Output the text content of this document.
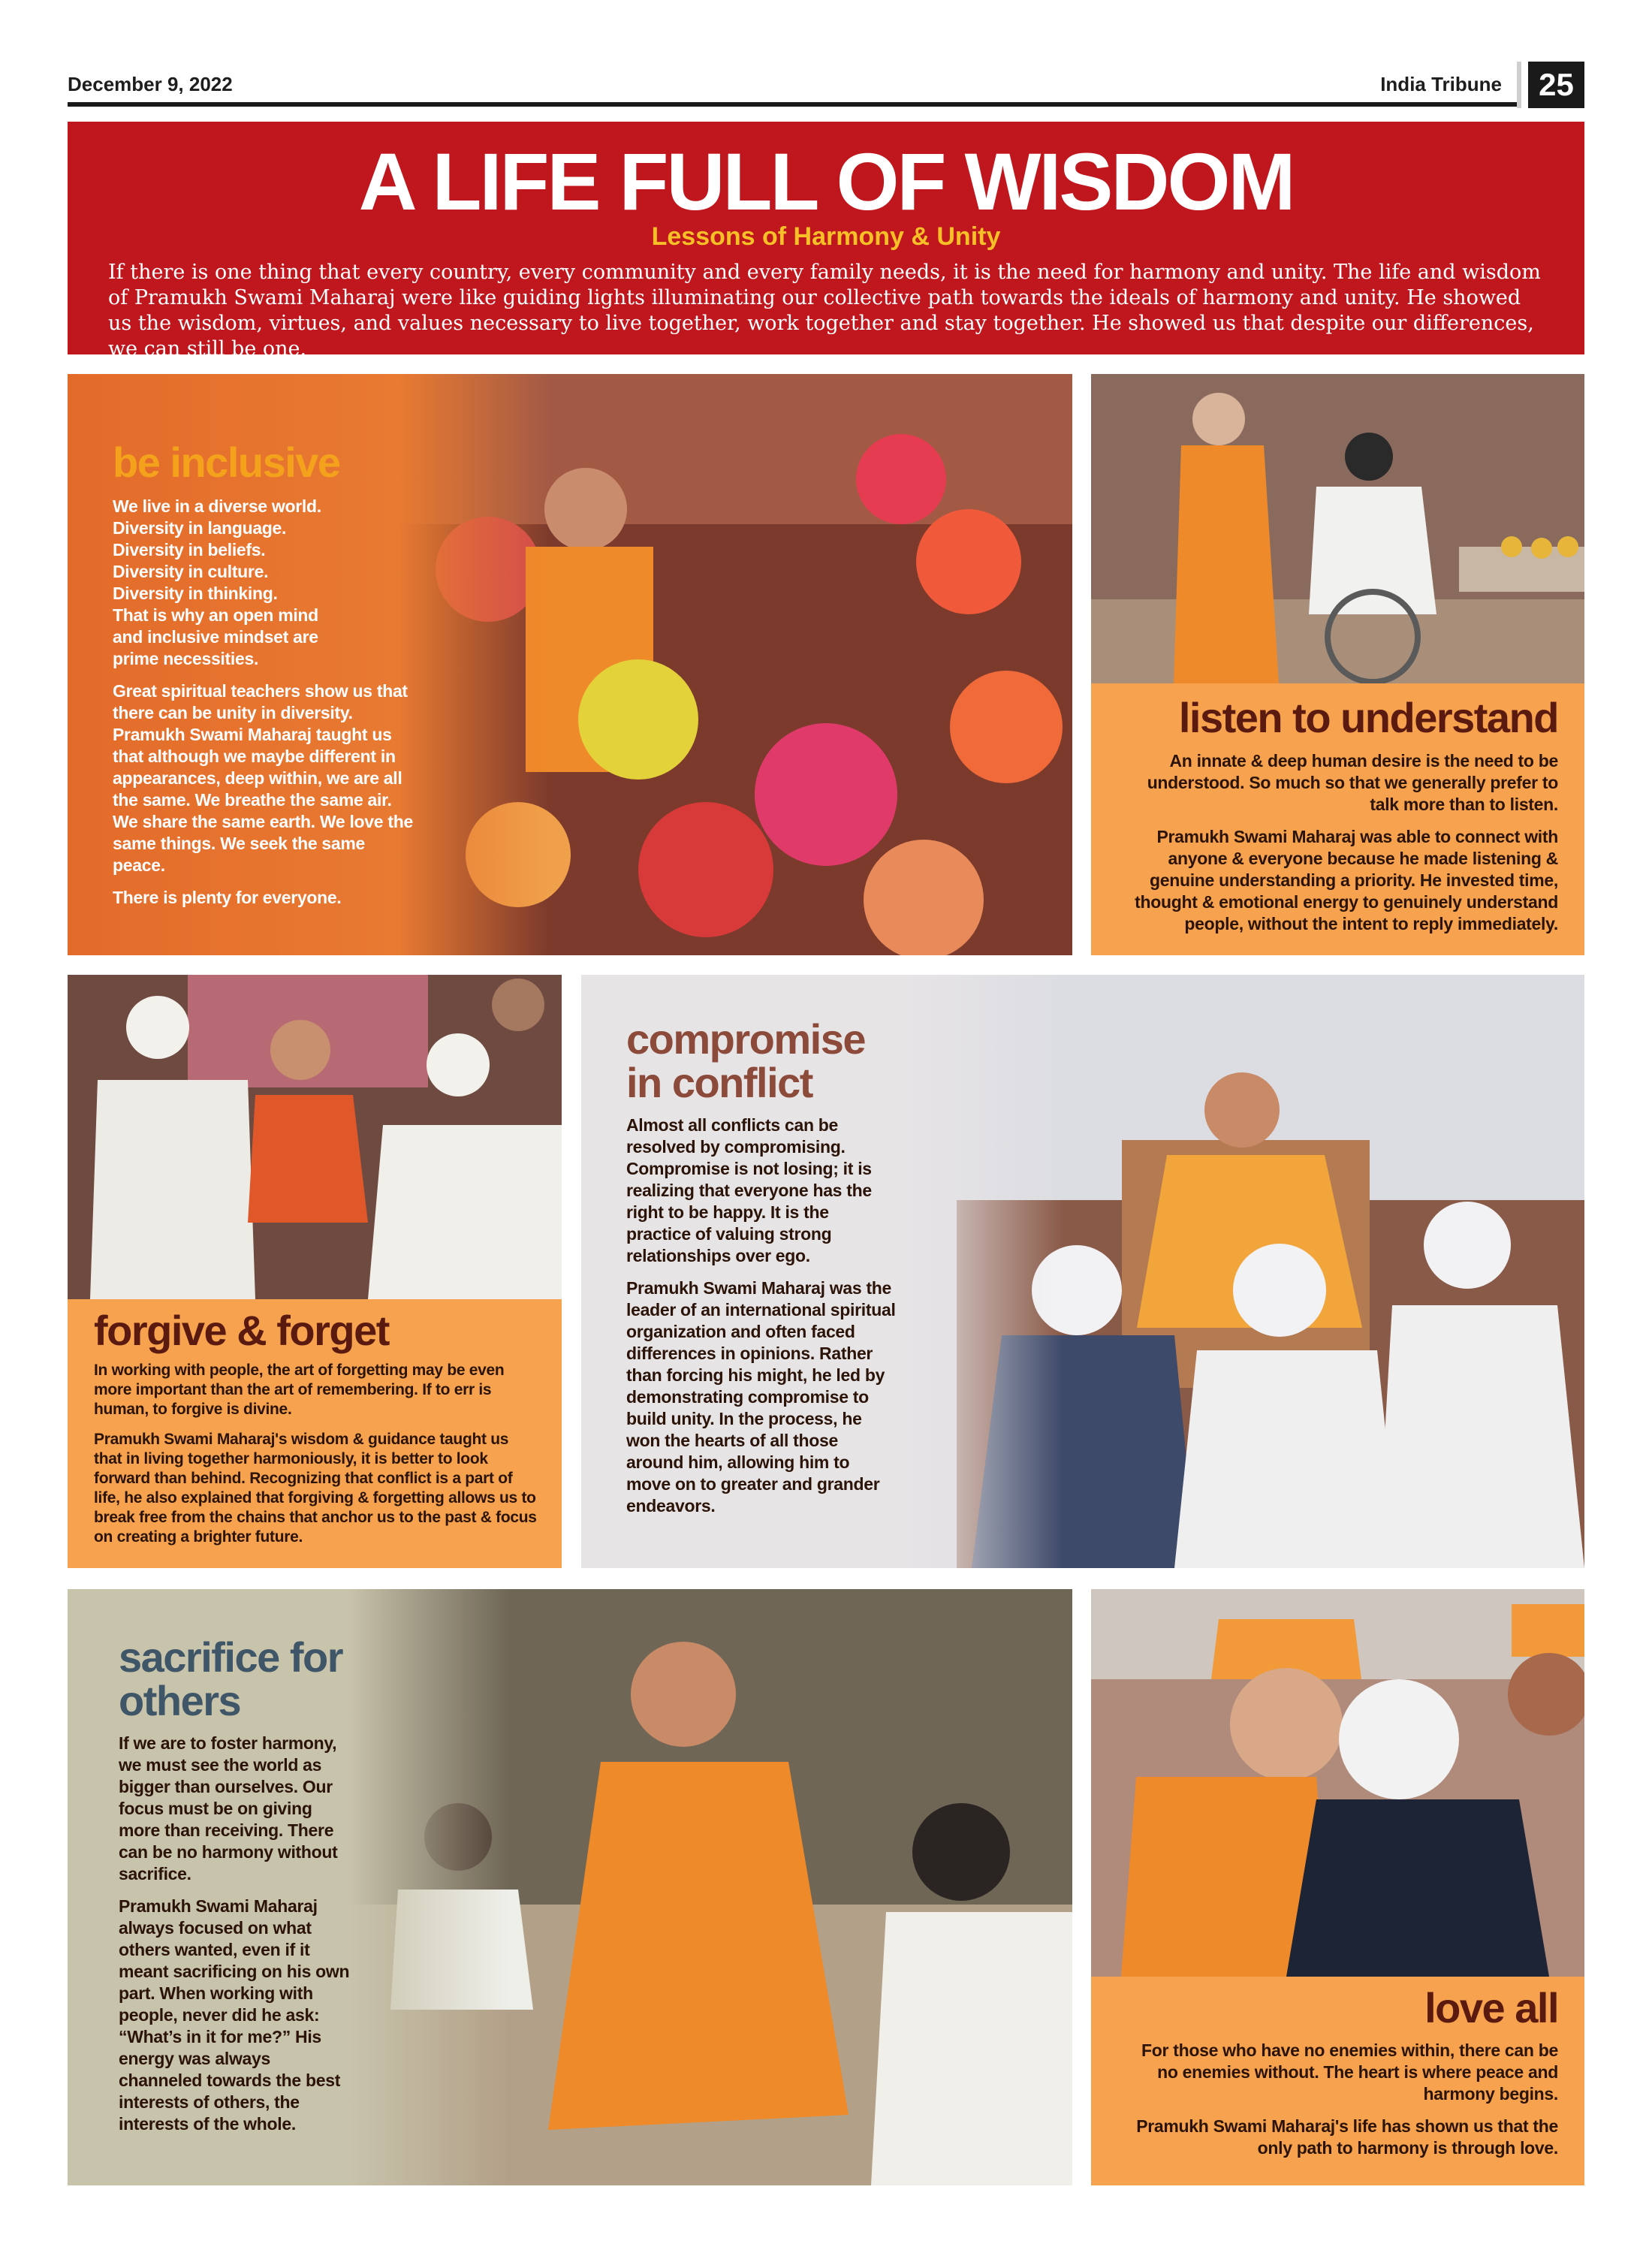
December 9, 2022	India Tribune	25
A LIFE FULL OF WISDOM
Lessons of Harmony & Unity
If there is one thing that every country, every community and every family needs, it is the need for harmony and unity. The life and wisdom of Pramukh Swami Maharaj were like guiding lights illuminating our collective path towards the ideals of harmony and unity. He showed us the wisdom, virtues, and values necessary to live together, work together and stay together. He showed us that despite our differences, we can still be one.
be inclusive

We live in a diverse world.
Diversity in language.
Diversity in beliefs.
Diversity in culture.
Diversity in thinking.
That is why an open mind
and inclusive mindset are
prime necessities.

Great spiritual teachers show us that there can be unity in diversity. Pramukh Swami Maharaj taught us that although we maybe different in appearances, deep within, we are all the same. We breathe the same air. We share the same earth. We love the same things. We seek the same peace.

There is plenty for everyone.

listen to understand

An innate & deep human desire is the need to be understood. So much so that we generally prefer to talk more than to listen.

Pramukh Swami Maharaj was able to connect with anyone & everyone because he made listening & genuine understanding a priority. He invested time, thought & emotional energy to genuinely understand people, without the intent to reply immediately.

forgive & forget

In working with people, the art of forgetting may be even more important than the art of remembering. If to err is human, to forgive is divine.

Pramukh Swami Maharaj's wisdom & guidance taught us that in living together harmoniously, it is better to look forward than behind. Recognizing that conflict is a part of life, he also explained that forgiving & forgetting allows us to break free from the chains that anchor us to the past & focus on creating a brighter future.

compromise
in conflict

Almost all conflicts can be resolved by compromising. Compromise is not losing; it is realizing that everyone has the right to be happy. It is the practice of valuing strong relationships over ego.

Pramukh Swami Maharaj was the leader of an international spiritual organization and often faced differences in opinions. Rather than forcing his might, he led by demonstrating compromise to build unity. In the process, he won the hearts of all those around him, allowing him to move on to greater and grander endeavors.

sacrifice for
others

If we are to foster harmony, we must see the world as bigger than ourselves. Our focus must be on giving more than receiving. There can be no harmony without sacrifice.

Pramukh Swami Maharaj always focused on what others wanted, even if it meant sacrificing on his own part. When working with people, never did he ask: “What’s in it for me?” His energy was always channeled towards the best interests of others, the interests of the whole.

love all

For those who have no enemies within, there can be no enemies without. The heart is where peace and harmony begins.

Pramukh Swami Maharaj's life has shown us that the only path to harmony is through love.
